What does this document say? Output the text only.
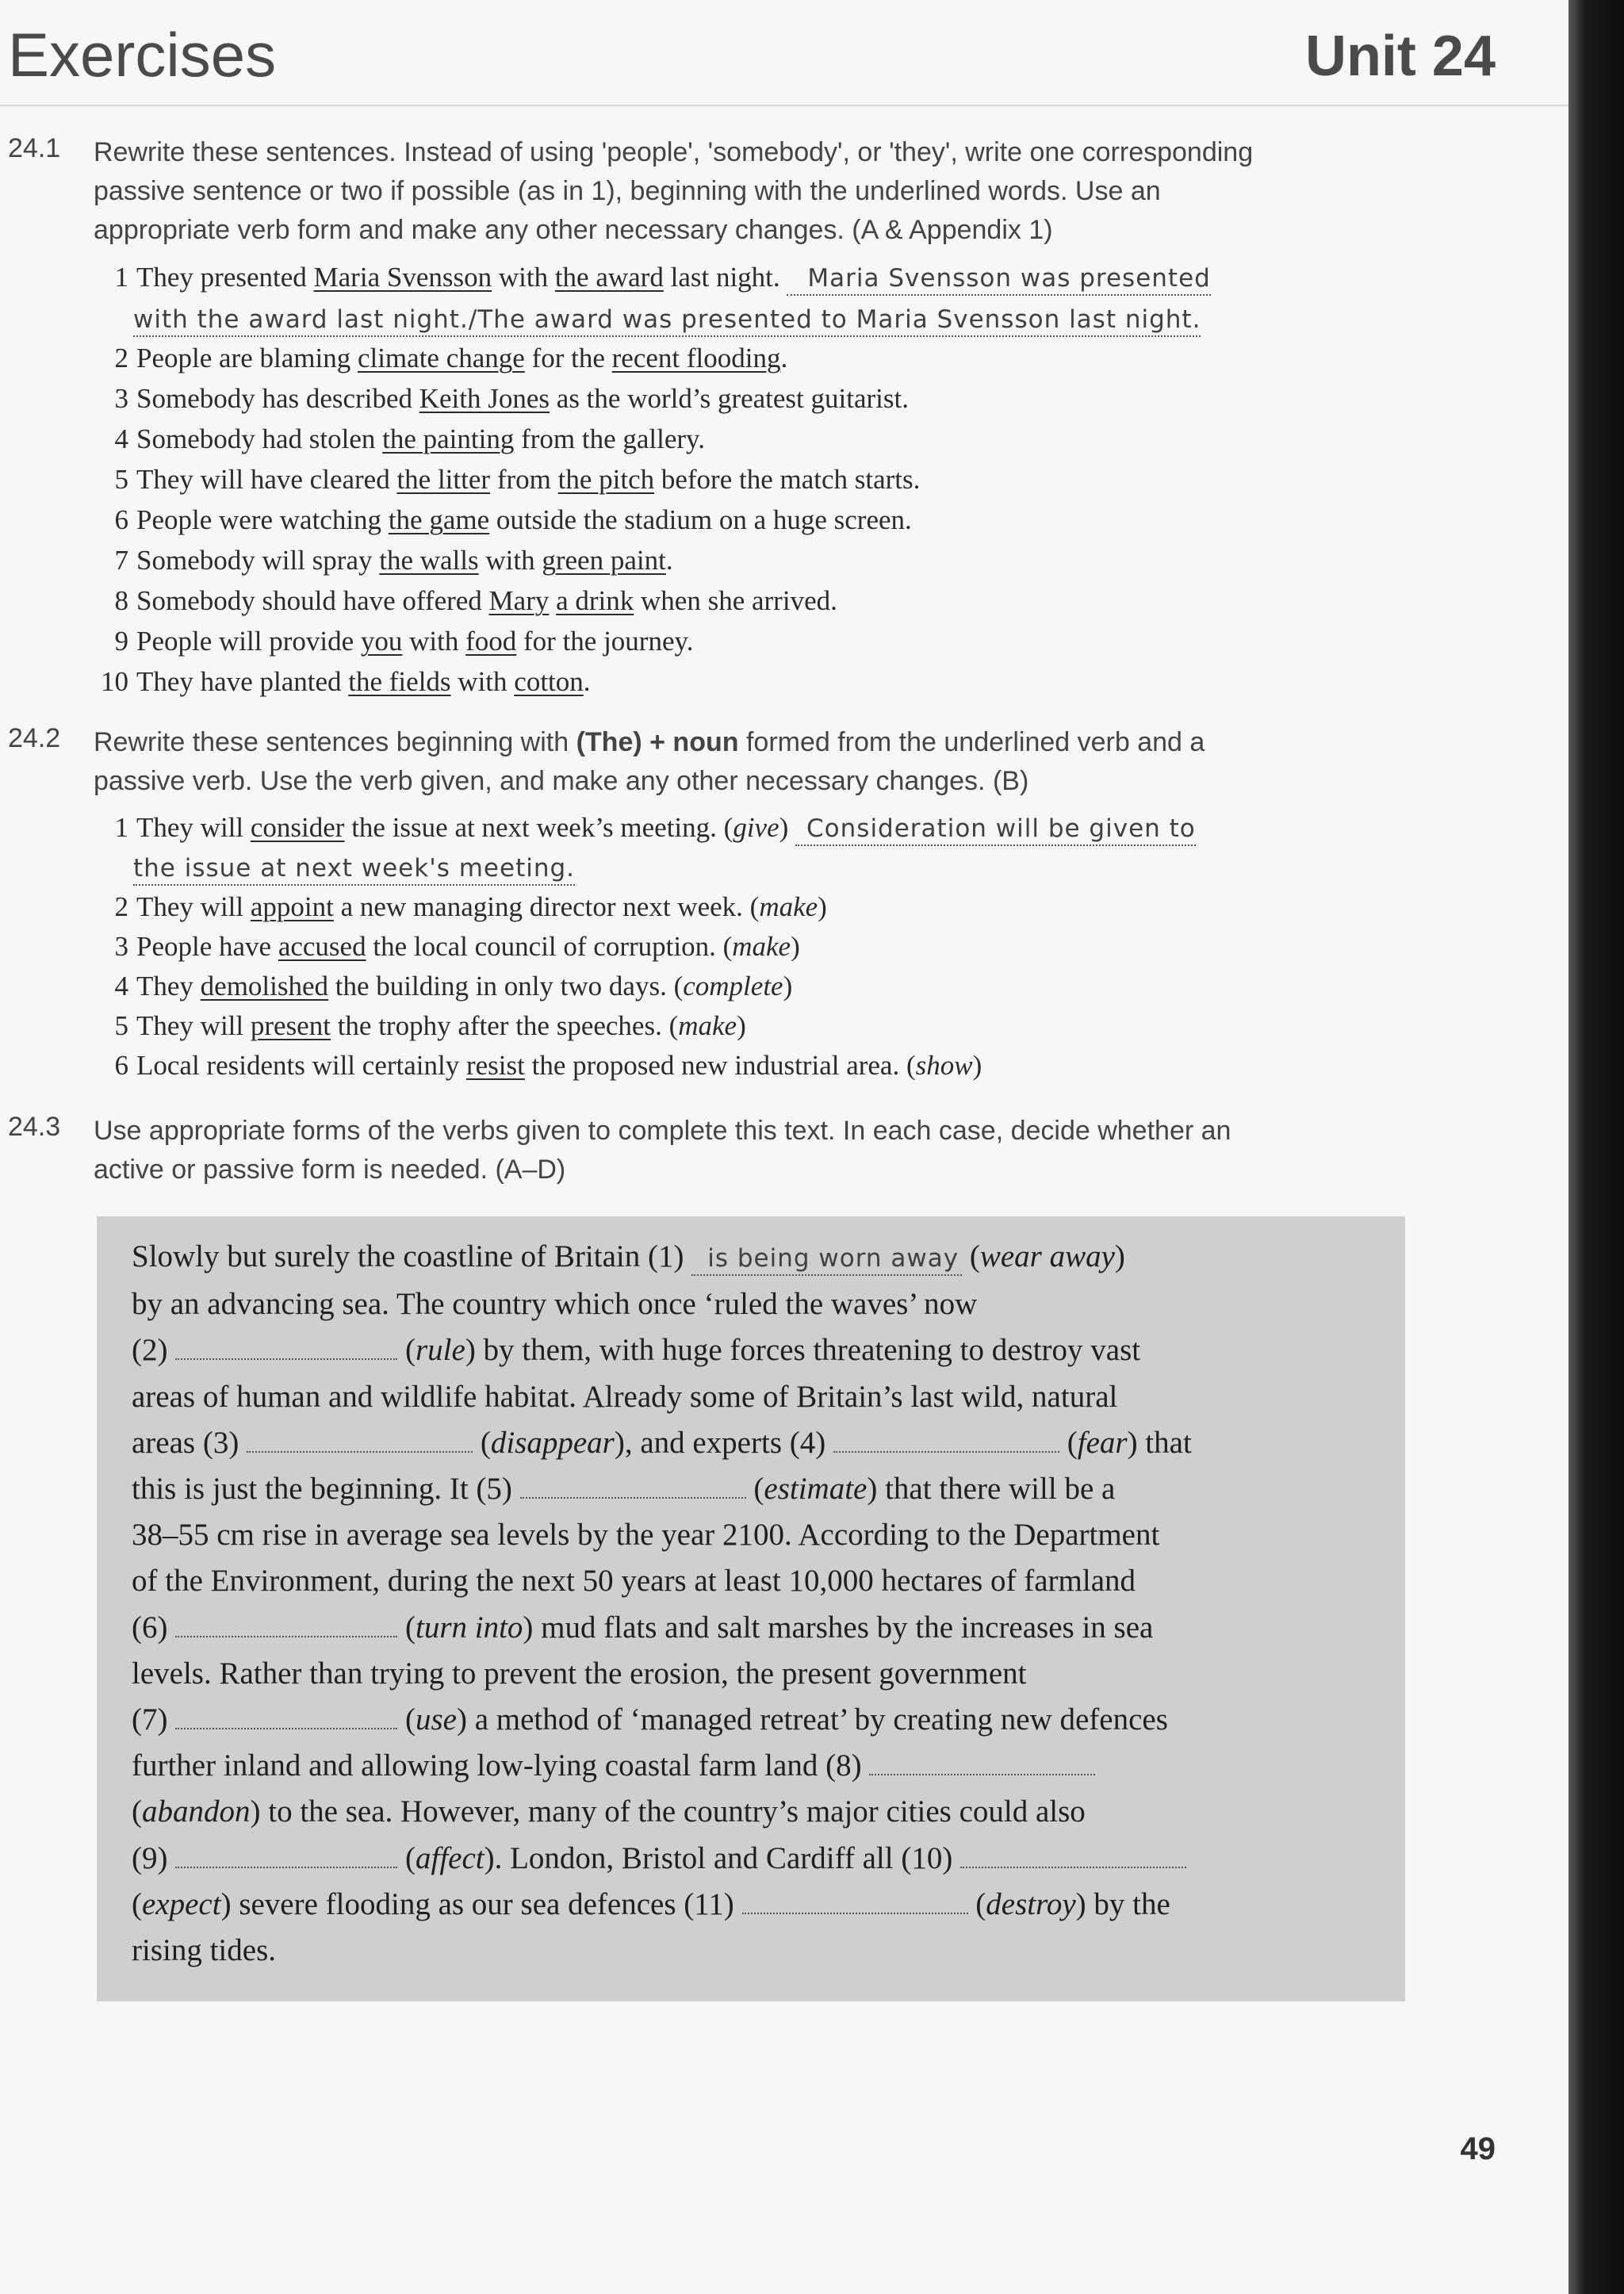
Exercises	Unit 24
24.1 Rewrite these sentences. Instead of using 'people', 'somebody', or 'they', write one corresponding
passive sentence or two if possible (as in 1), beginning with the underlined words. Use an
appropriate verb form and make any other necessary changes. (A & Appendix 1)
1 They presented Maria Svensson with the award last night. Maria Svensson was presented
with the award last night./The award was presented to Maria Svensson last night.
2 People are blaming climate change for the recent flooding.
3 Somebody has described Keith Jones as the world’s greatest guitarist.
4 Somebody had stolen the painting from the gallery.
5 They will have cleared the litter from the pitch before the match starts.
6 People were watching the game outside the stadium on a huge screen.
7 Somebody will spray the walls with green paint.
8 Somebody should have offered Mary a drink when she arrived.
9 People will provide you with food for the journey.
10 They have planted the fields with cotton.
24.2 Rewrite these sentences beginning with (The) + noun formed from the underlined verb and a
passive verb. Use the verb given, and make any other necessary changes. (B)
1 They will consider the issue at next week’s meeting. (give) Consideration will be given to
the issue at next week's meeting.
2 They will appoint a new managing director next week. (make)
3 People have accused the local council of corruption. (make)
4 They demolished the building in only two days. (complete)
5 They will present the trophy after the speeches. (make)
6 Local residents will certainly resist the proposed new industrial area. (show)
24.3 Use appropriate forms of the verbs given to complete this text. In each case, decide whether an
active or passive form is needed. (A–D)
Slowly but surely the coastline of Britain (1) is being worn away (wear away)
by an advancing sea. The country which once ‘ruled the waves’ now
(2)	(rule) by them, with huge forces threatening to destroy vast
areas of human and wildlife habitat. Already some of Britain’s last wild, natural
areas (3)	(disappear), and experts (4)	(fear) that
this is just the beginning. It (5)	(estimate) that there will be a
38–55 cm rise in average sea levels by the year 2100. According to the Department
of the Environment, during the next 50 years at least 10,000 hectares of farmland
(6)	(turn into) mud flats and salt marshes by the increases in sea
levels. Rather than trying to prevent the erosion, the present government
(7)	(use) a method of ‘managed retreat’ by creating new defences
further inland and allowing low-lying coastal farm land (8)
(abandon) to the sea. However, many of the country’s major cities could also
(9)	(affect). London, Bristol and Cardiff all (10)
(expect) severe flooding as our sea defences (11)	(destroy) by the
rising tides.
49
